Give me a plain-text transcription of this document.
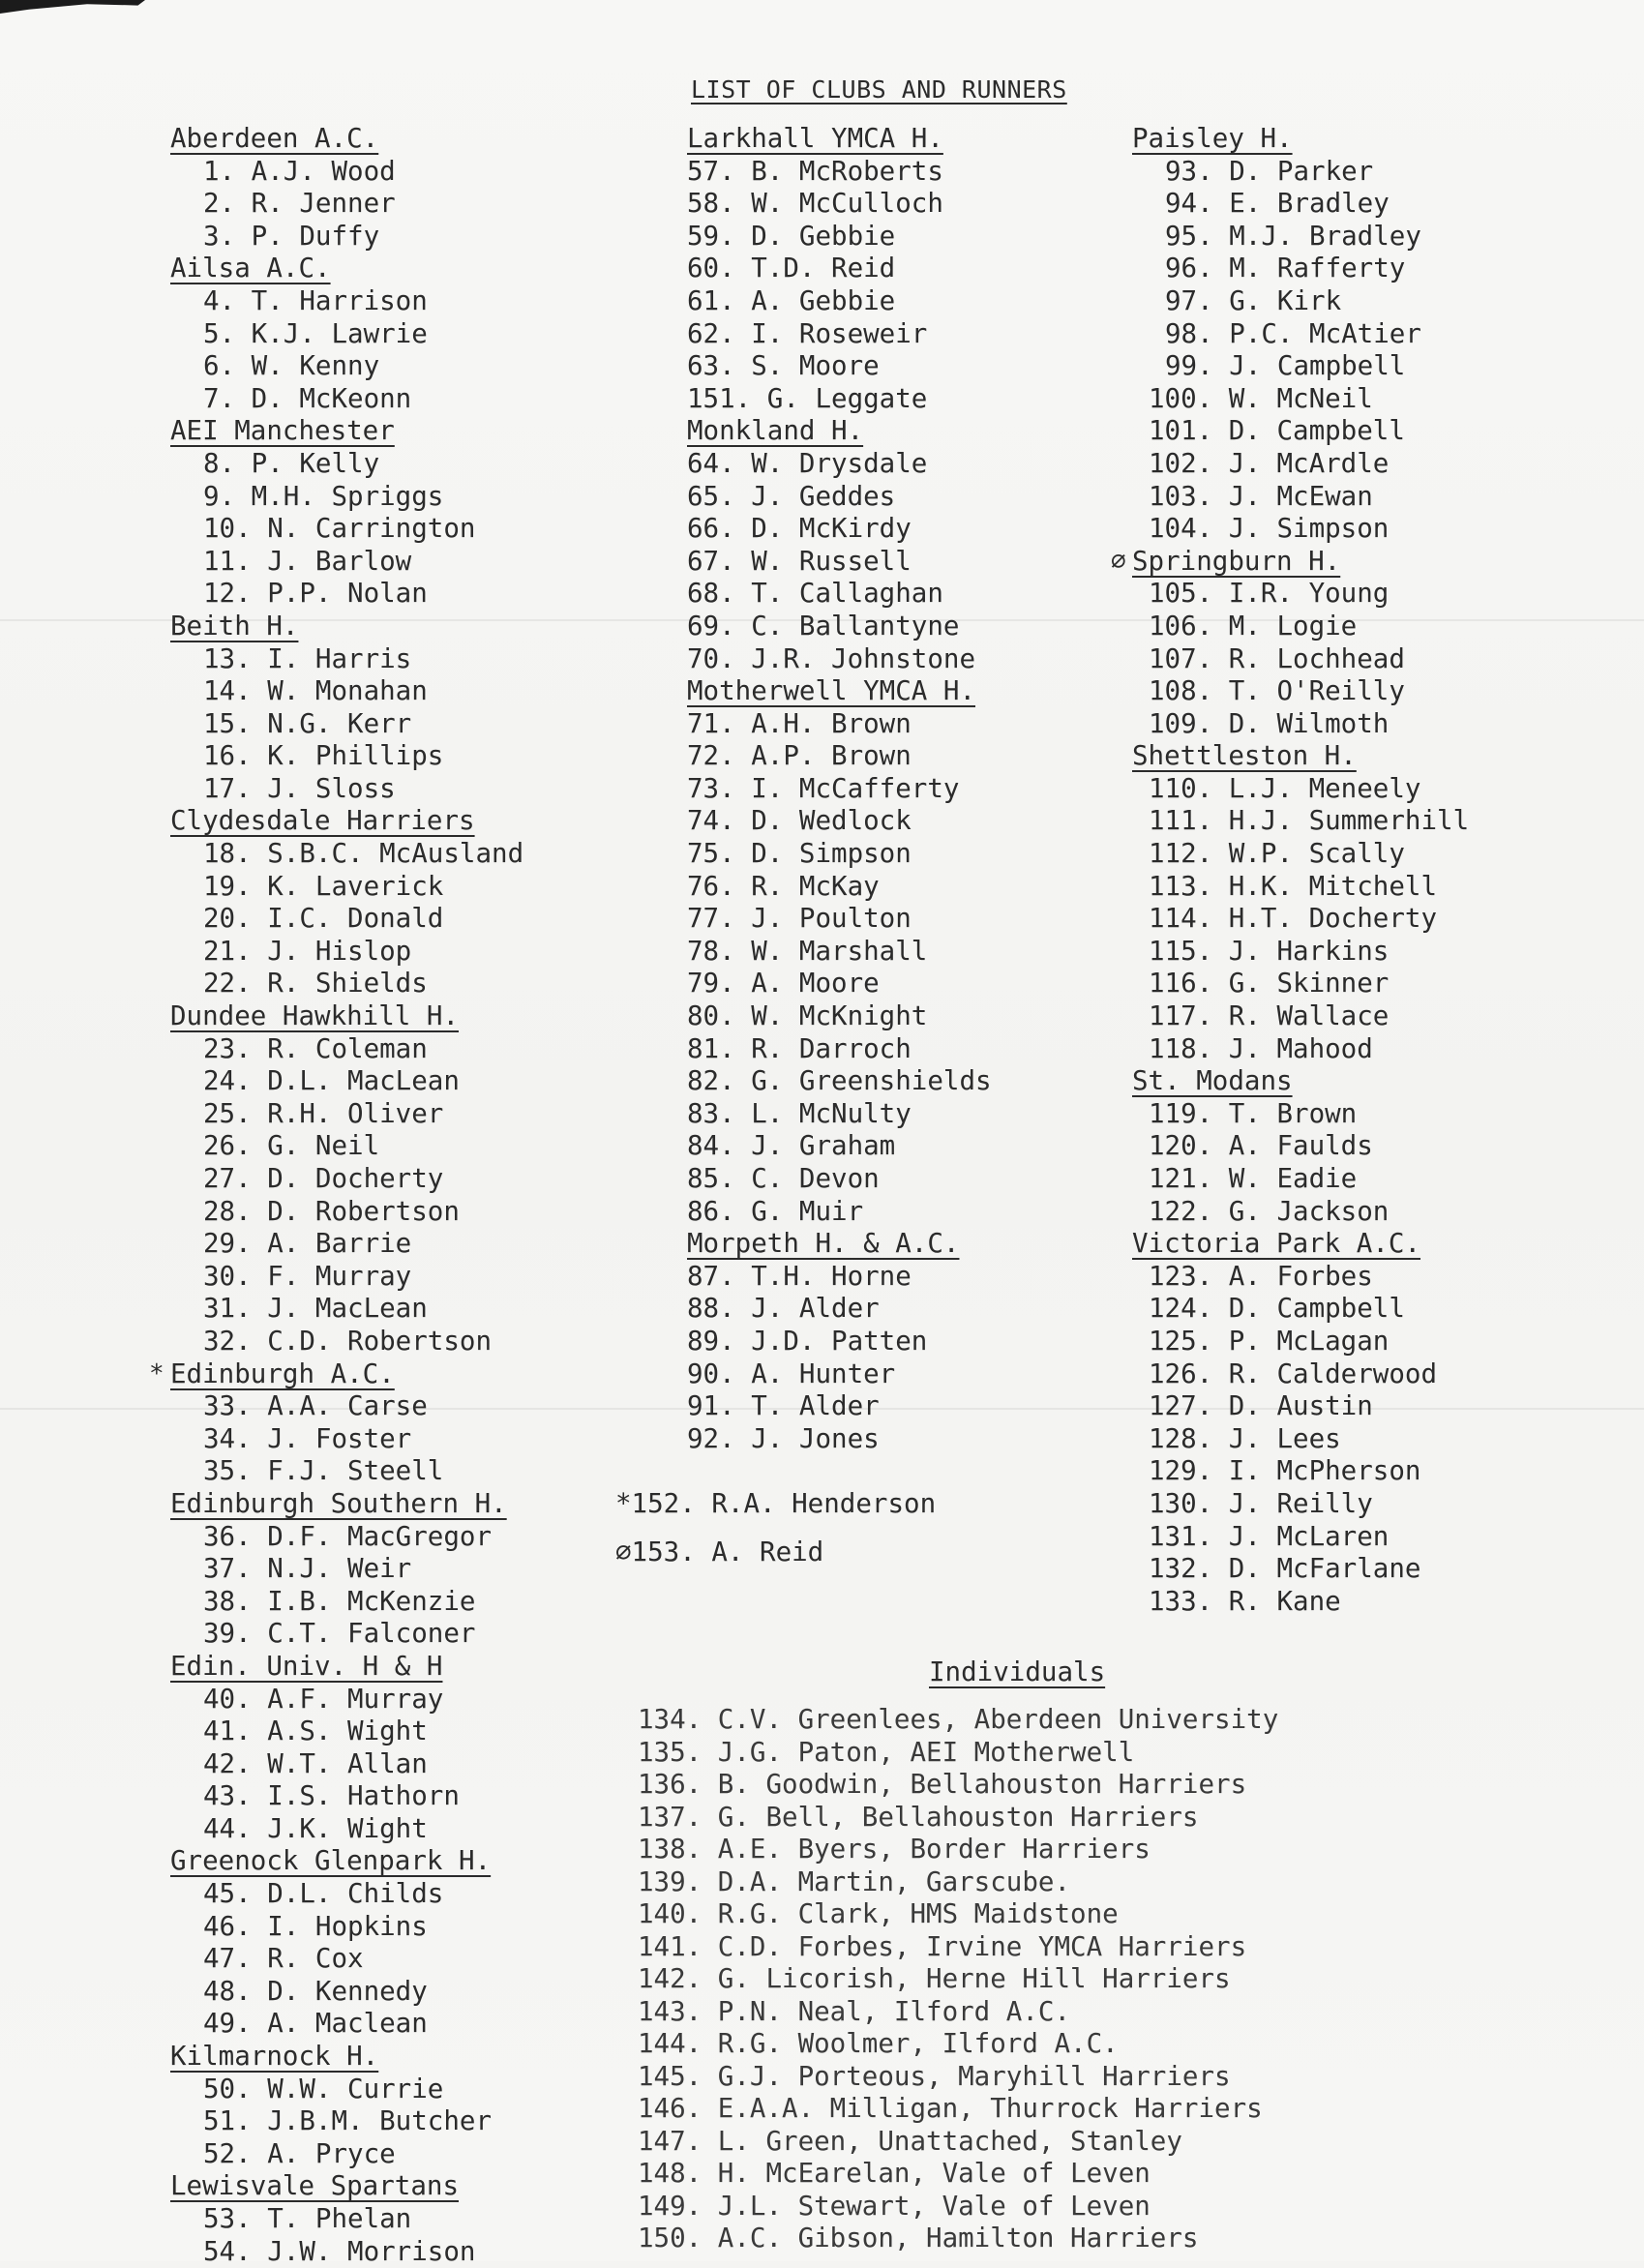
LIST OF CLUBS AND RUNNERS
Aberdeen A.C.
1. A.J. Wood
2. R. Jenner
3. P. Duffy
Ailsa A.C.
4. T. Harrison
5. K.J. Lawrie
6. W. Kenny
7. D. McKeonn
AEI Manchester
8. P. Kelly
9. M.H. Spriggs
10. N. Carrington
11. J. Barlow
12. P.P. Nolan
Beith H.
13. I. Harris
14. W. Monahan
15. N.G. Kerr
16. K. Phillips
17. J. Sloss
Clydesdale Harriers
18. S.B.C. McAusland
19. K. Laverick
20. I.C. Donald
21. J. Hislop
22. R. Shields
Dundee Hawkhill H.
23. R. Coleman
24. D.L. MacLean
25. R.H. Oliver
26. G. Neil
27. D. Docherty
28. D. Robertson
29. A. Barrie
30. F. Murray
31. J. MacLean
32. C.D. Robertson
* Edinburgh A.C.
33. A.A. Carse
34. J. Foster
35. F.J. Steell
Edinburgh Southern H.
36. D.F. MacGregor
37. N.J. Weir
38. I.B. McKenzie
39. C.T. Falconer
Edin. Univ. H & H
40. A.F. Murray
41. A.S. Wight
42. W.T. Allan
43. I.S. Hathorn
44. J.K. Wight
Greenock Glenpark H.
45. D.L. Childs
46. I. Hopkins
47. R. Cox
48. D. Kennedy
49. A. Maclean
Kilmarnock H.
50. W.W. Currie
51. J.B.M. Butcher
52. A. Pryce
Lewisvale Spartans
53. T. Phelan
54. J.W. Morrison
Larkhall YMCA H.
57. B. McRoberts
58. W. McCulloch
59. D. Gebbie
60. T.D. Reid
61. A. Gebbie
62. I. Roseweir
63. S. Moore
151. G. Leggate
Monkland H.
64. W. Drysdale
65. J. Geddes
66. D. McKirdy
67. W. Russell
68. T. Callaghan
69. C. Ballantyne
70. J.R. Johnstone
Motherwell YMCA H.
71. A.H. Brown
72. A.P. Brown
73. I. McCafferty
74. D. Wedlock
75. D. Simpson
76. R. McKay
77. J. Poulton
78. W. Marshall
79. A. Moore
80. W. McKnight
81. R. Darroch
82. G. Greenshields
83. L. McNulty
84. J. Graham
85. C. Devon
86. G. Muir
Morpeth H. & A.C.
87. T.H. Horne
88. J. Alder
89. J.D. Patten
90. A. Hunter
91. T. Alder
92. J. Jones
Paisley H.
93. D. Parker
94. E. Bradley
95. M.J. Bradley
96. M. Rafferty
97. G. Kirk
98. P.C. McAtier
99. J. Campbell
100. W. McNeil
101. D. Campbell
102. J. McArdle
103. J. McEwan
104. J. Simpson
∅ Springburn H.
105. I.R. Young
106. M. Logie
107. R. Lochhead
108. T. O'Reilly
109. D. Wilmoth
Shettleston H.
110. L.J. Meneely
111. H.J. Summerhill
112. W.P. Scally
113. H.K. Mitchell
114. H.T. Docherty
115. J. Harkins
116. G. Skinner
117. R. Wallace
118. J. Mahood
St. Modans
119. T. Brown
120. A. Faulds
121. W. Eadie
122. G. Jackson
Victoria Park A.C.
123. A. Forbes
124. D. Campbell
125. P. McLagan
126. R. Calderwood
127. D. Austin
128. J. Lees
129. I. McPherson
130. J. Reilly
131. J. McLaren
132. D. McFarlane
133. R. Kane
*152. R.A. Henderson
∅153. A. Reid
Individuals
134. C.V. Greenlees, Aberdeen University
135. J.G. Paton, AEI Motherwell
136. B. Goodwin, Bellahouston Harriers
137. G. Bell, Bellahouston Harriers
138. A.E. Byers, Border Harriers
139. D.A. Martin, Garscube.
140. R.G. Clark, HMS Maidstone
141. C.D. Forbes, Irvine YMCA Harriers
142. G. Licorish, Herne Hill Harriers
143. P.N. Neal, Ilford A.C.
144. R.G. Woolmer, Ilford A.C.
145. G.J. Porteous, Maryhill Harriers
146. E.A.A. Milligan, Thurrock Harriers
147. L. Green, Unattached, Stanley
148. H. McEarelan, Vale of Leven
149. J.L. Stewart, Vale of Leven
150. A.C. Gibson, Hamilton Harriers
